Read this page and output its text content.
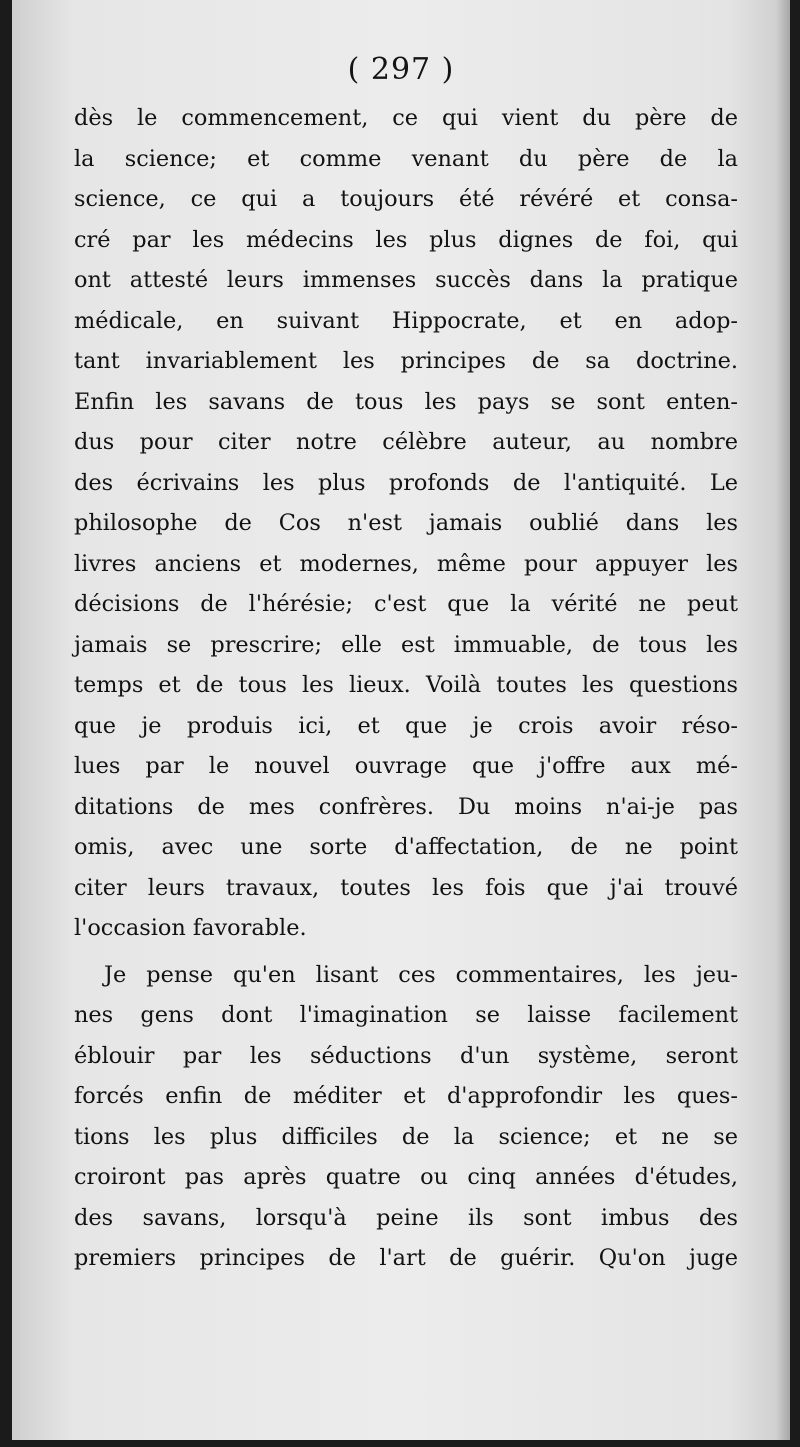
( 297 )
dès le commencement, ce qui vient du père de
la science; et comme venant du père de la
science, ce qui a toujours été révéré et consa-
cré par les médecins les plus dignes de foi, qui
ont attesté leurs immenses succès dans la pratique
médicale, en suivant Hippocrate, et en adop-
tant invariablement les principes de sa doctrine.
Enfin les savans de tous les pays se sont enten-
dus pour citer notre célèbre auteur, au nombre
des écrivains les plus profonds de l'antiquité. Le
philosophe de Cos n'est jamais oublié dans les
livres anciens et modernes, même pour appuyer les
décisions de l'hérésie; c'est que la vérité ne peut
jamais se prescrire; elle est immuable, de tous les
temps et de tous les lieux. Voilà toutes les questions
que je produis ici, et que je crois avoir réso-
lues par le nouvel ouvrage que j'offre aux mé-
ditations de mes confrères. Du moins n'ai-je pas
omis, avec une sorte d'affectation, de ne point
citer leurs travaux, toutes les fois que j'ai trouvé
l'occasion favorable.
Je pense qu'en lisant ces commentaires, les jeu-
nes gens dont l'imagination se laisse facilement
éblouir par les séductions d'un système, seront
forcés enfin de méditer et d'approfondir les ques-
tions les plus difficiles de la science; et ne se
croiront pas après quatre ou cinq années d'études,
des savans, lorsqu'à peine ils sont imbus des
premiers principes de l'art de guérir. Qu'on juge
